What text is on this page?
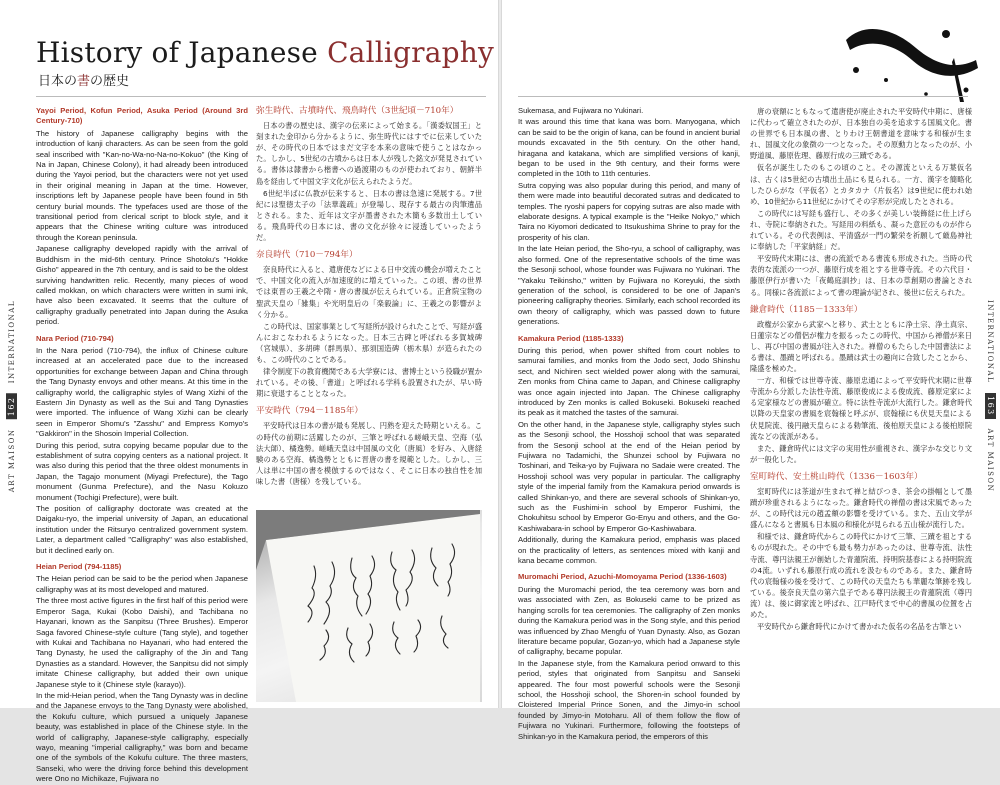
History of Japanese Calligraphy
日本の書の歴史
ART MAISON 162 INTERNATIONAL

Yayoi Period, Kofun Period, Asuka Period (Around 3rd Century-710)

The history of Japanese calligraphy begins with the introduction of kanji characters. As can be seen from the gold seal inscribed with "Kan-no-Wa-no-Na-no-Kokuo" (the King of Na in Japan, Chinese Colony), it had already been introduced during the Yayoi period, but the characters were not yet used in their original meaning in Japan at the time. However, inscriptions left by Japanese people have been found in 5th century burial mounds. The typefaces used are those of the transitional period from clerical script to block style, and it appears that the Chinese writing culture was introduced through the Korean peninsula.

Japanese calligraphy developed rapidly with the arrival of Buddhism in the mid-6th century. Prince Shotoku's "Hokke Gisho" appeared in the 7th century, and is said to be the oldest surviving handwritten relic. Recently, many pieces of wood called mokkan, on which characters were written in sumi ink, have also been excavated. It seems that the culture of calligraphy gradually penetrated into Japan during the Asuka period.

Nara Period (710-794)

In the Nara period (710-794), the influx of Chinese culture increased at an accelerated pace due to the increased opportunities for exchange between Japan and China through the Tang Dynasty envoys and other means. At this time in the calligraphy world, the calligraphic styles of Wang Xizhi of the Eastern Jin Dynasty as well as the Sui and Tang Dynasties were imported. The influence of Wang Xizhi can be clearly seen in Emperor Shomu's "Zasshu" and Empress Komyo's "Gakkiron" in the Shosoin Imperial Collection.

During this period, sutra copying became popular due to the establishment of sutra copying centers as a national project. It was also during this period that the three oldest monuments in Japan, the Tagajo monument (Miyagi Prefecture), the Tago monument (Gunma Prefecture), and the Nasu Kokuzo monument (Tochigi Prefecture), were built.

The position of calligraphy doctorate was created at the Daigaku-ryo, the imperial university of Japan, an educational institution under the Ritsuryo centralized government system. Later, a department called "Calligraphy" was also established, but it declined early on.

Heian Period (794-1185)

The Heian period can be said to be the period when Japanese calligraphy was at its most developed and matured.

The three most active figures in the first half of this period were Emperor Saga, Kukai (Kobo Daishi), and Tachibana no Hayanari, known as the Sanpitsu (Three Brushes). Emperor Saga favored Chinese-style culture (Tang style), and together with Kukai and Tachibana no Hayanari, who had entered the Tang Dynasty, he used the calligraphy of the Jin and Tang Dynasties as a standard. However, the Sanpitsu did not simply imitate Chinese calligraphy, but added their own unique Japanese style to it (Chinese style (karayo)).

In the mid-Heian period, when the Tang Dynasty was in decline and the Japanese envoys to the Tang Dynasty were abolished, the Kokufu culture, which pursued a uniquely Japanese beauty, was established in place of the Chinese style. In the world of calligraphy, Japanese-style calligraphy, especially wayo, meaning "imperial calligraphy," was born and became one of the symbols of the Kokufu culture. The three masters, Sanseki, who were the driving force behind this development were Ono no Michikaze, Fujiwara no

弥生時代、古墳時代、飛鳥時代（3世紀頃－710年）

日本の書の歴史は、漢字の伝来によって始まる。「漢委奴国王」と刻まれた金印から分かるように、弥生時代にはすでに伝来していたが、その時代の日本ではまだ文字を本来の意味で使うことはなかった。しかし、5世紀の古墳からは日本人が残した銘文が発見されている。書体は隷書から楷書への過渡期のものが使われており、朝鮮半島を経由して中国文字文化が伝えられたようだ。

6世紀半ばに仏教が伝来すると、日本の書は急速に発展する。7世紀には聖徳太子の「法華義疏」が登場し、現存する最古の肉筆遺品とされる。また、近年は文字が墨書された木簡も多数出土している。飛鳥時代の日本には、書の文化が徐々に浸透していったようだ。

奈良時代（710－794年）

奈良時代に入ると、遣唐使などによる日中交流の機会が増えたことで、中国文化の流入が加速度的に増えていった。この頃、書の世界では東晋の王羲之や隋・唐の書風が伝えられている。正倉院宝物の聖武天皇の「雑集」や光明皇后の「楽毅論」に、王羲之の影響がよく分かる。

この時代は、国家事業として写経所が設けられたことで、写経が盛んにおこなわれるようになった。日本三古碑と呼ばれる多賀城碑（宮城県）、多胡碑（群馬県）、那須国造碑（栃木県）が造られたのも、この時代のことである。

律令制度下の教育機関である大学寮には、書博士という役職が置かれている。その後、「書道」と呼ばれる学科も設置されたが、早い時期に衰退することとなった。

平安時代（794－1185年）

平安時代は日本の書が最も発展し、円熟を迎えた時期といえる。この時代の前期に活躍したのが、三筆と呼ばれる嵯峨天皇、空海（弘法大師）、橘逸勢。嵯峨天皇は中国風の文化（唐風）を好み、入唐経験のある空海、橘逸勢とともに晋唐の書を規範とした。しかし、三人は単に中国の書を模倣するのではなく、そこに日本の独自性を加味した書（唐様）を残している。

INTERNATIONAL 163 ART MAISON

Sukemasa, and Fujiwara no Yukinari.

It was around this time that kana was born. Manyogana, which can be said to be the origin of kana, can be found in ancient burial mounds excavated in the 5th century. On the other hand, hiragana and katakana, which are simplified versions of kanji, began to be used in the 9th century, and their forms were completed in the 10th to 11th centuries.

Sutra copying was also popular during this period, and many of them were made into beautiful decorated sutras and dedicated to temples. The ryoshi papers for copying sutras are also made with elaborate designs. A typical example is the "Heike Nokyo," which Taira no Kiyomori dedicated to Itsukushima Shrine to pray for the prosperity of his clan.

In the late Heian period, the Sho-ryu, a school of calligraphy, was also formed. One of the representative schools of the time was the Sesonji school, whose founder was Fujiwara no Yukinari. The "Yakaku Teikinsho," written by Fujiwara no Koreyuki, the sixth generation of the school, is considered to be one of Japan's pioneering calligraphy theories. Similarly, each school recorded its own theory of calligraphy, which was passed down to future generations.

Kamakura Period (1185-1333)

During this period, when power shifted from court nobles to samurai families, and monks from the Jodo sect, Jodo Shinshu sect, and Nichiren sect wielded power along with the samurai, Zen monks from China came to Japan, and Chinese calligraphy was once again injected into Japan. The Chinese calligraphy introduced by Zen monks is called Bokuseki. Bokuseki reached its peak as it matched the tastes of the samurai.

On the other hand, in the Japanese style, calligraphy styles such as the Sesonji school, the Hosshoji school that was separated from the Sesonji school at the end of the Heian period by Fujiwara no Tadamichi, the Shunzei school by Fujiwara no Toshinari, and Teika-yo by Fujiwara no Sadaie were created. The Hosshoji school was very popular in particular. The calligraphy style of the imperial family from the Kamakura period onwards is called Shinkan-yo, and there are several schools of Shinkan-yo, such as the Fushimi-in school by Emperor Fushimi, the Chokuhitsu school by Emperor Go-Enyu and others, and the Go-Kashiwabara-in school by Emperor Go-Kashiwabara.

Additionally, during the Kamakura period, emphasis was placed on the practicality of letters, as sentences mixed with kanji and kana became common.

Muromachi Period, Azuchi-Momoyama Period (1336-1603)

During the Muromachi period, the tea ceremony was born and was associated with Zen, as Bokuseki came to be prized as hanging scrolls for tea ceremonies. The calligraphy of Zen monks during the Kamakura period was in the Song style, and this period was influenced by Zhao Mengfu of Yuan Dynasty. Also, as Gozan literature became popular, Gozan-yo, which had a Japanese style of calligraphy, became popular.

In the Japanese style, from the Kamakura period onward to this period, styles that originated from Sanpitsu and Sanseki appeared. The four most powerful schools were the Sesonji school, the Hosshoji school, the Shoren-in school founded by Cloistered Imperial Prince Sonen, and the Jimyo-in school founded by Jimyo-in Motoharu. All of them follow the flow of Fujiwara no Yukinari. Furthermore, following the footsteps of Shinkan-yo in the Kamakura period, the emperors of this

唐の衰額にともなって遣唐使が廃止された平安時代中期に、唐様に代わって確立されたのが、日本独自の美を追求する国風文化。書の世界でも日本風の書、とりわけ王朝書道を意味する和様が生まれ、国風文化の象徴の一つとなった。その原動力となったのが、小野道風、藤原佐理、藤原行成の三蹟である。

仮名が誕生したのもこの頃のこと。その源流といえる万葉仮名は、古くは5世紀の古墳出土品にも見られる。一方、漢字を簡略化したひらがな（平仮名）とカタカナ（片仮名）は9世紀に使われ始め、10世紀から11世紀にかけてその字形が完成したとされる。

この時代には写経も盛行し、その多くが美しい装飾経に仕上げられ、寺院に奉納された。写経用の料紙も、凝った意匠のものが作られている。その代表例は、平清盛が一門の繁栄を祈願して厳島神社に奉納した「平家納経」だ。

平安時代末期には、書の流派である書流も形成された。当時の代表的な流派の一つが、藤原行成を祖とする世尊寺流。その六代目・藤原伊行が書いた「夜鶴庭訓抄」は、日本の草創期の書論とされる。同様に各流派によって書の理論が記され、後世に伝えられた。

鎌倉時代（1185－1333年）

政権が公家から武家へと移り、武士とともに浄土宗、浄土真宗、日蓮宗などの僧侶が権力を振るったこの時代、中国から禅僧が来日し、再び中国の書風が注入された。禅僧のもたらした中国書法による書は、墨蹟と呼ばれる。墨蹟は武士の趣向に合致したことから、隆盛を極めた。

一方、和様では世尊寺流、藤原忠通によって平安時代末期に世尊寺流から分派した法性寺流、藤原俊成による俊成流、藤原定家による定家様などの書風が確立。特に法性寺流が大流行した。鎌倉時代以降の天皇家の書風を宸翰様と呼ぶが、宸翰様にも伏見天皇による伏見院流、後円融天皇らによる勅筆流、後柏原天皇による後柏原院流などの流派がある。

また、鎌倉時代には文字の実用性が重視され、漢字かな交じり文が一般化した。

室町時代、安土桃山時代（1336－1603年）

室町時代には茶道が生まれて禅と結びつき、茶会の掛幅として墨蹟が珍重されるようになった。鎌倉時代の禅僧の書は宋風であったが、この時代は元の趙孟頫の影響を受けている。また、五山文学が盛んになると書風も日本風の和様化が見られる五山様が流行した。

和様では、鎌倉時代からこの時代にかけて三筆、三蹟を祖とするものが現れた。その中でも最も勢力があったのは、世尊寺流、法性寺流、尊円法親王が創始した青蓮院流、持明院基春による持明院流の4流。いずれも藤原行成の流れを汲むものである。また、鎌倉時代の宸翰様の後を受けて、この時代の天皇たちも華麗な筆跡を残している。後奈良天皇の第六皇子である尊円法親王の青蓮院流（尊円流）は、後に御家流と呼ばれ、江戸時代まで中心的書風の位置を占めた。

平安時代から鎌倉時代にかけて書かれた仮名の名品を古筆とい
